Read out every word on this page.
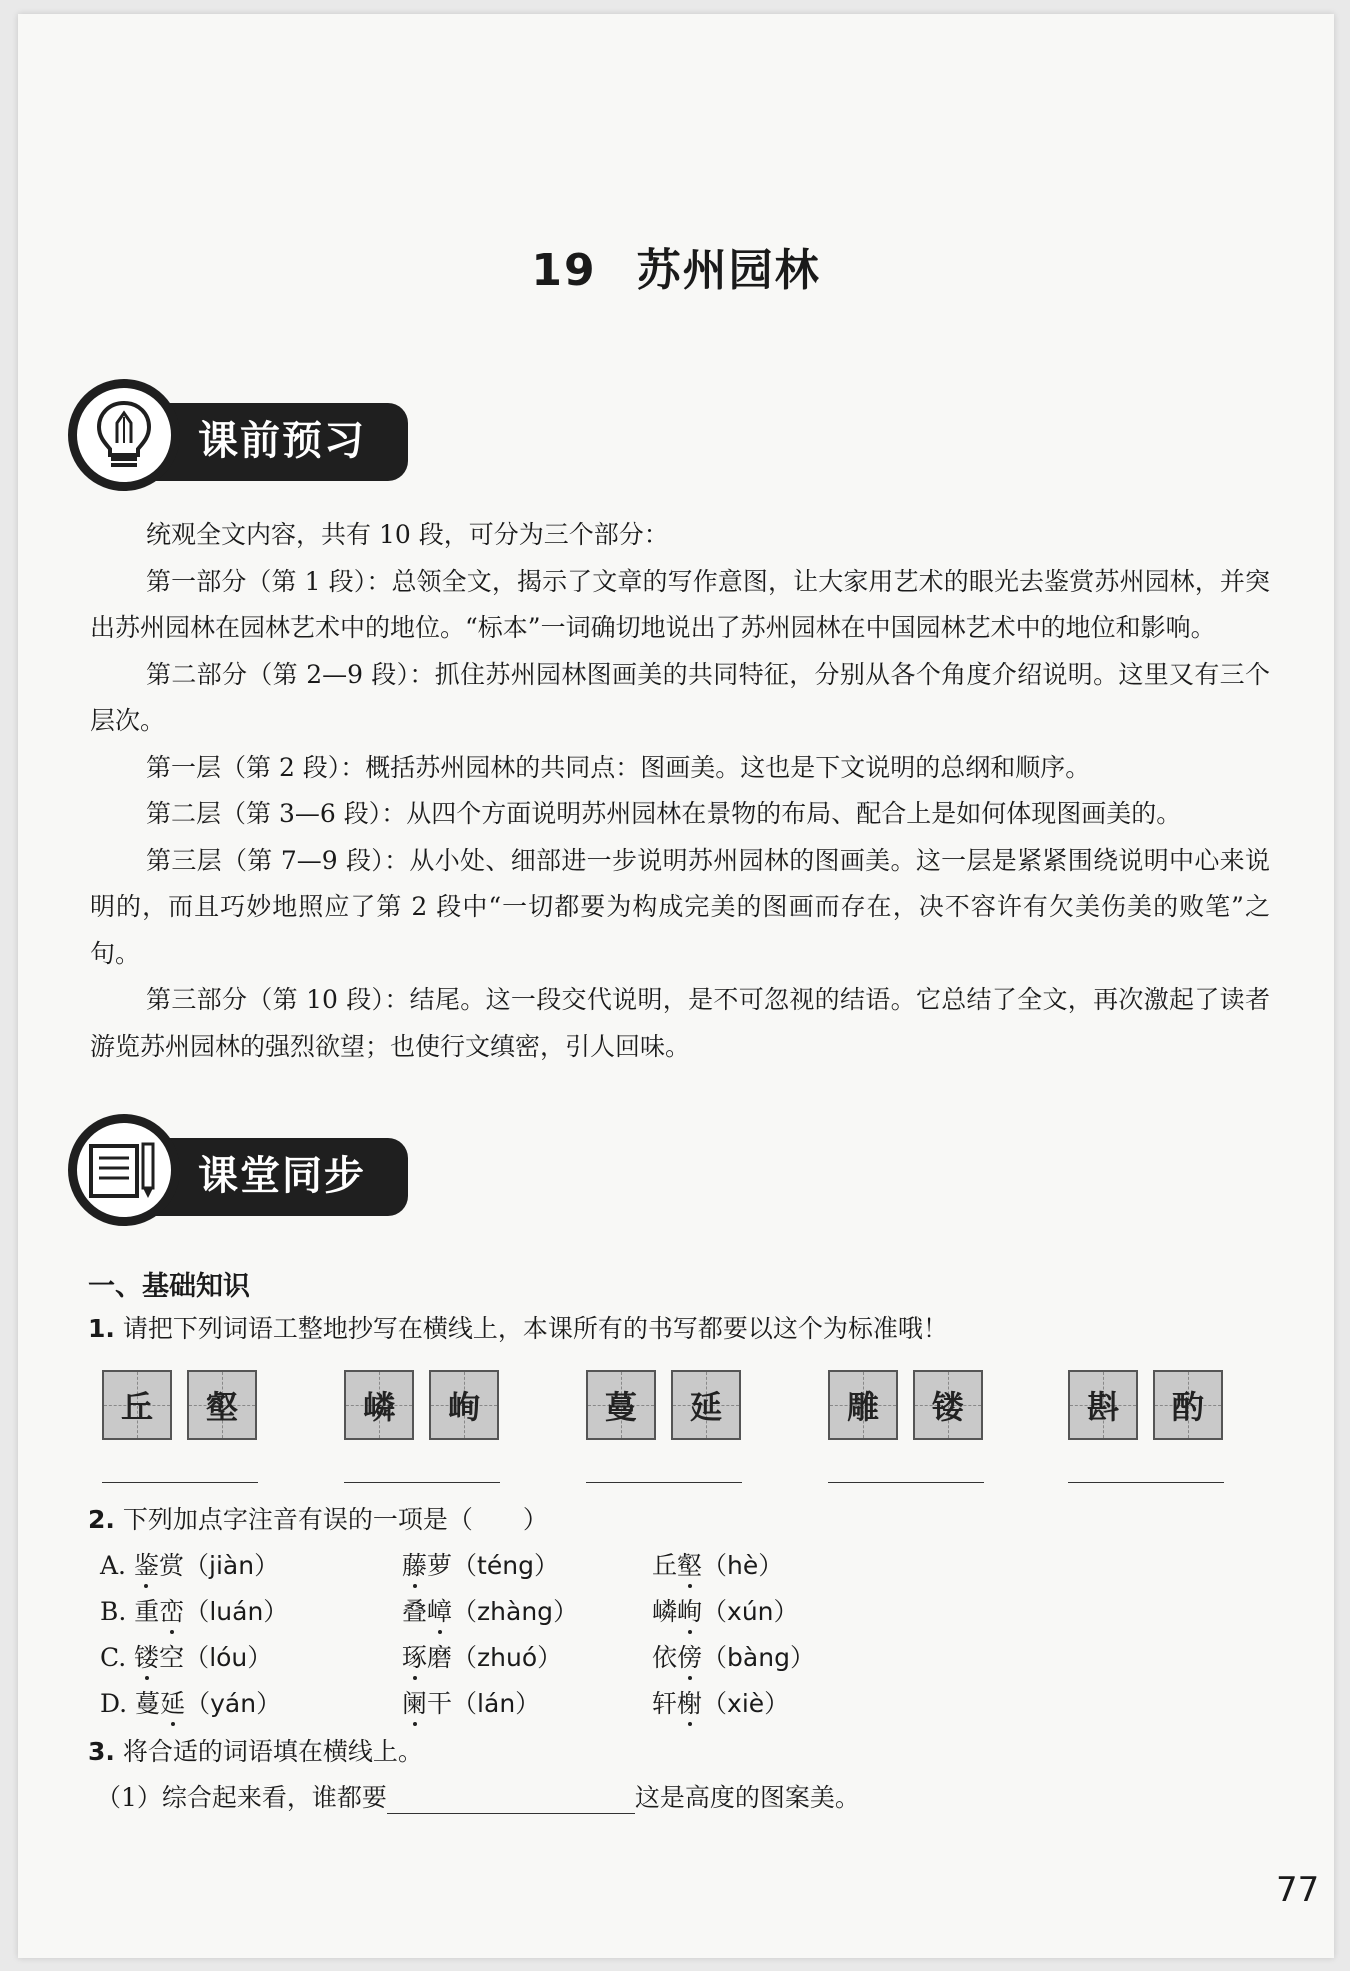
19 苏州园林
课前预习

统观全文内容，共有 10 段，可分为三个部分：

第一部分（第 1 段）：总领全文，揭示了文章的写作意图，让大家用艺术的眼光去鉴赏苏州园林，并突出苏州园林在园林艺术中的地位。“标本”一词确切地说出了苏州园林在中国园林艺术中的地位和影响。

第二部分（第 2—9 段）：抓住苏州园林图画美的共同特征，分别从各个角度介绍说明。这里又有三个层次。

第一层（第 2 段）：概括苏州园林的共同点：图画美。这也是下文说明的总纲和顺序。

第二层（第 3—6 段）：从四个方面说明苏州园林在景物的布局、配合上是如何体现图画美的。

第三层（第 7—9 段）：从小处、细部进一步说明苏州园林的图画美。这一层是紧紧围绕说明中心来说明的，而且巧妙地照应了第 2 段中“一切都要为构成完美的图画而存在，决不容许有欠美伤美的败笔”之句。

第三部分（第 10 段）：结尾。这一段交代说明，是不可忽视的结语。它总结了全文，再次激起了读者游览苏州园林的强烈欲望；也使行文缜密，引人回味。

课堂同步
一、基础知识
1. 请把下列词语工整地抄写在横线上，本课所有的书写都要以这个为标准哦！
丘 壑	嶙 峋	蔓 延	雕 镂	斟 酌
2. 下列加点字注音有误的一项是（　　）
A. 鉴赏（jiàn）	藤萝（téng）	丘壑（hè）
B. 重峦（luán）	叠嶂（zhàng）	嶙峋（xún）
C. 镂空（lóu）	琢磨（zhuó）	依傍（bàng）
D. 蔓延（yán）	阑干（lán）	轩榭（xiè）
3. 将合适的词语填在横线上。
（1）综合起来看，谁都要	这是高度的图案美。
77
